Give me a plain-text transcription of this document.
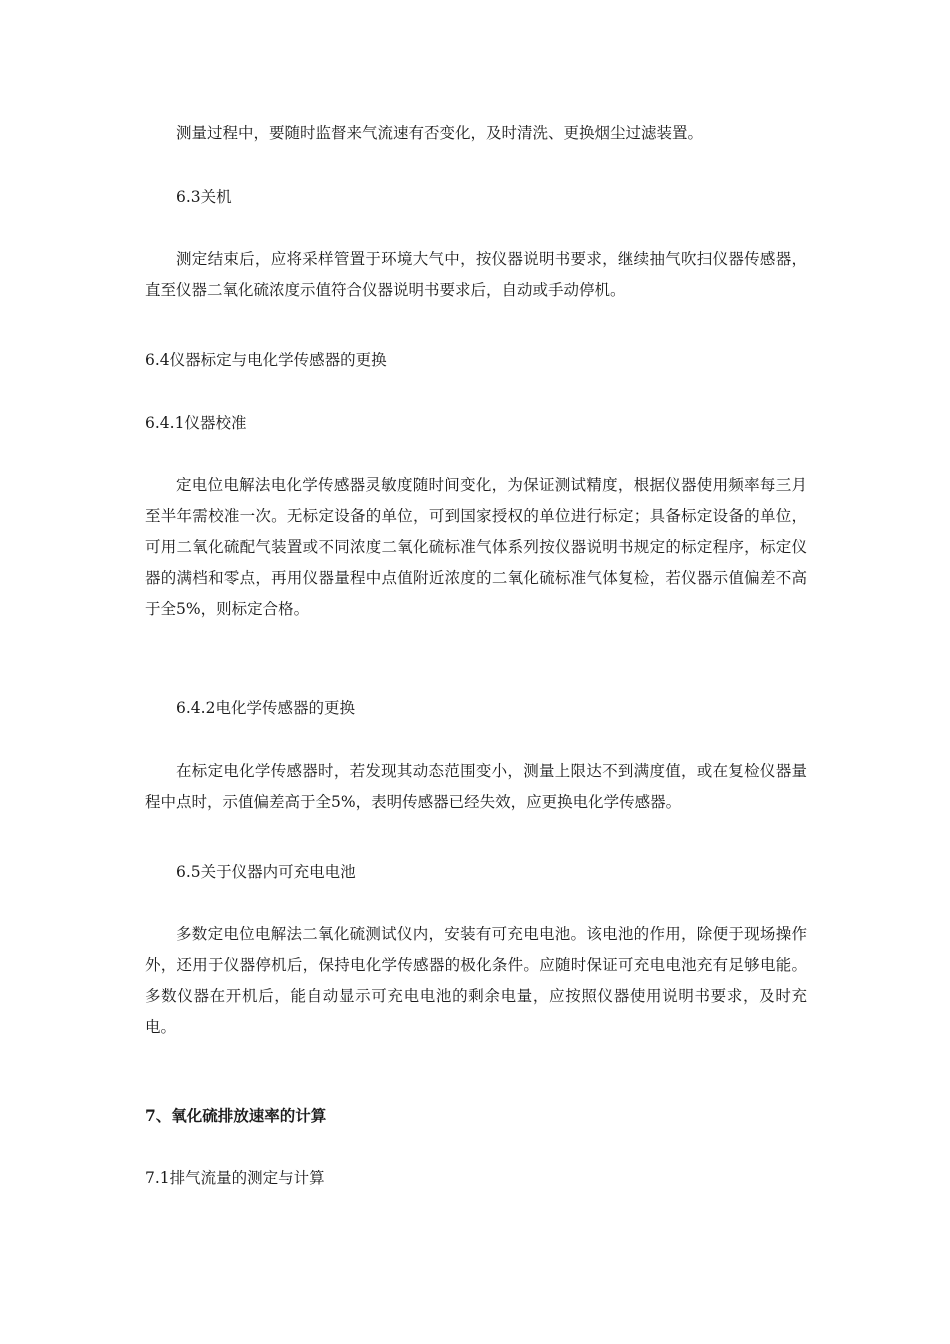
测量过程中，要随时监督来气流速有否变化，及时清洗、更换烟尘过滤装置。

6.3关机

测定结束后，应将采样管置于环境大气中，按仪器说明书要求，继续抽气吹扫仪器传感器，直至仪器二氧化硫浓度示值符合仪器说明书要求后，自动或手动停机。

6.4仪器标定与电化学传感器的更换

6.4.1仪器校准

定电位电解法电化学传感器灵敏度随时间变化，为保证测试精度，根据仪器使用频率每三月至半年需校准一次。无标定设备的单位，可到国家授权的单位进行标定；具备标定设备的单位，可用二氧化硫配气装置或不同浓度二氧化硫标准气体系列按仪器说明书规定的标定程序，标定仪器的满档和零点，再用仪器量程中点值附近浓度的二氧化硫标准气体复检，若仪器示值偏差不高于全5%，则标定合格。

6.4.2电化学传感器的更换

在标定电化学传感器时，若发现其动态范围变小，测量上限达不到满度值，或在复检仪器量程中点时，示值偏差高于全5%，表明传感器已经失效，应更换电化学传感器。

6.5关于仪器内可充电电池

多数定电位电解法二氧化硫测试仪内，安装有可充电电池。该电池的作用，除便于现场操作外，还用于仪器停机后，保持电化学传感器的极化条件。应随时保证可充电电池充有足够电能。多数仪器在开机后，能自动显示可充电电池的剩余电量，应按照仪器使用说明书要求，及时充电。

7、氧化硫排放速率的计算

7.1排气流量的测定与计算
